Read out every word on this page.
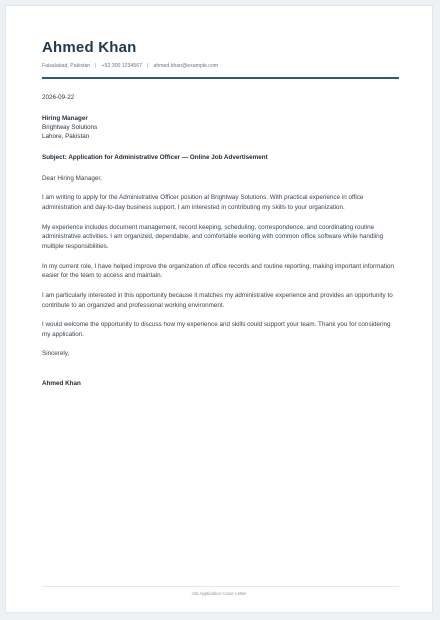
Ahmed Khan
Faisalabad, Pakistan | +92 300 1234567 | ahmed.khan@example.com
2026-09-22
Hiring Manager
Brightway Solutions
Lahore, Pakistan
Subject: Application for Administrative Officer — Online Job Advertisement

Dear Hiring Manager,

I am writing to apply for the Administrative Officer position at Brightway Solutions. With practical experience in office administration and day-to-day business support, I am interested in contributing my skills to your organization.

My experience includes document management, record keeping, scheduling, correspondence, and coordinating routine administrative activities. I am organized, dependable, and comfortable working with common office software while handling multiple responsibilities.

In my current role, I have helped improve the organization of office records and routine reporting, making important information easier for the team to access and maintain.

I am particularly interested in this opportunity because it matches my administrative experience and provides an opportunity to contribute to an organized and professional working environment.

I would welcome the opportunity to discuss how my experience and skills could support your team. Thank you for considering my application.

Sincerely,

Ahmed Khan
Job Application Cover Letter
